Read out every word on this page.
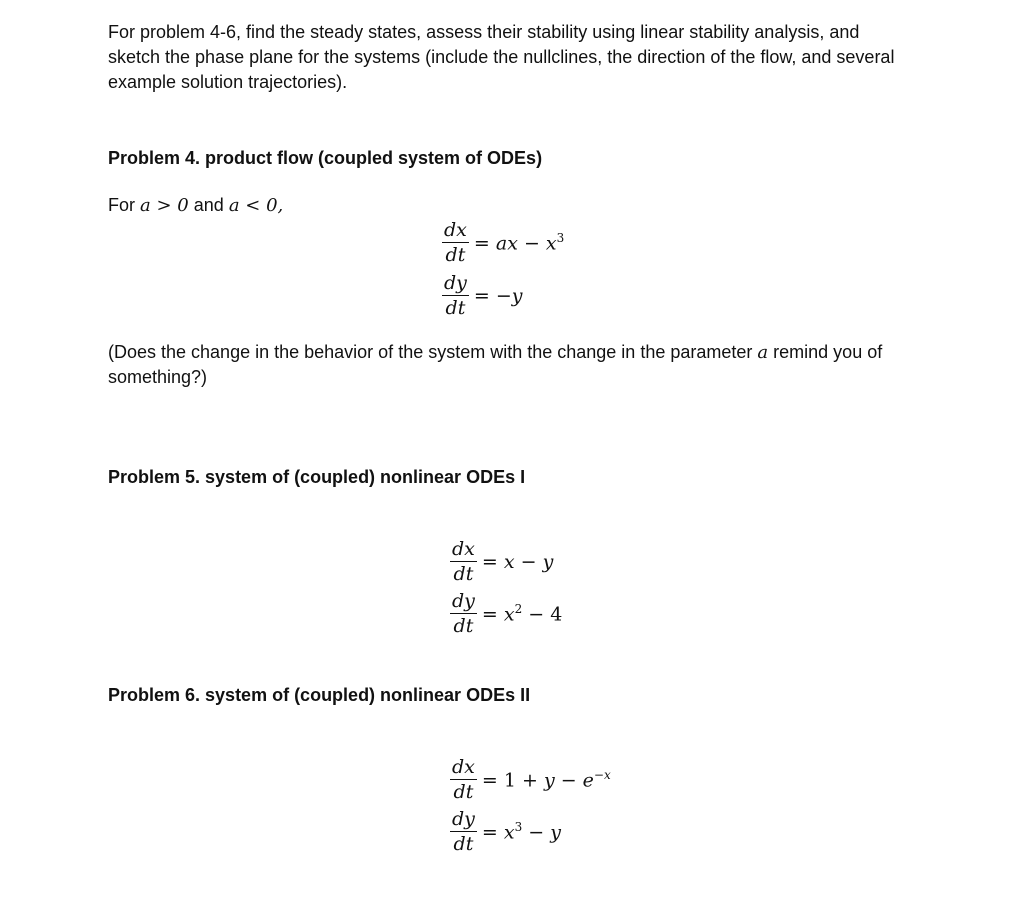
For problem 4-6, find the steady states, assess their stability using linear stability analysis, and sketch the phase plane for the systems (include the nullclines, the direction of the flow, and several example solution trajectories).

Problem 4. product flow (coupled system of ODEs)

For a > 0 and a < 0,

$\frac{dx}{dt}$ = ax − $x^3$
$\frac{dy}{dt} = -y$

(Does the change in the behavior of the system with the change in the parameter a remind you of something?)

Problem 5. system of (coupled) nonlinear ODEs I

$\frac{dx}{dt} = x - y$
$\frac{dy}{dt} = x^2 - 4$

Problem 6. system of (coupled) nonlinear ODEs II

$\frac{dx}{dt} = 1 + y - e^{-x}$
$\frac{dy}{dt} = x^3 - y$
